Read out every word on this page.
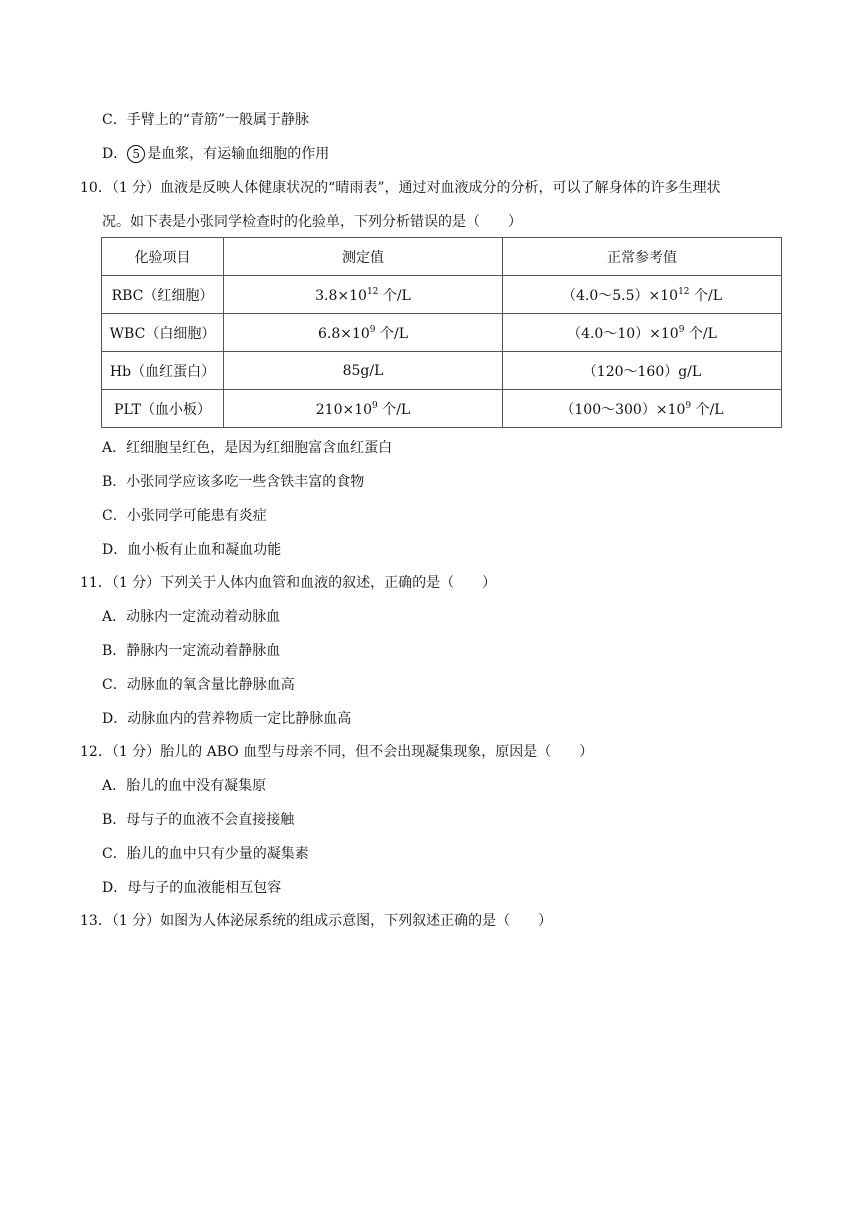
C．手臂上的“青筋”一般属于静脉
D． 5 是血浆，有运输血细胞的作用
10．（1 分）血液是反映人体健康状况的“晴雨表”，通过对血液成分的分析，可以了解身体的许多生理状
况。如下表是小张同学检查时的化验单，下列分析错误的是（　　）
化验项目	测定值	正常参考值
RBC（红细胞）	$3.8\times 10^{12}$ 个/L	$(4.0\sim 5.5)\times 10^{12}$ 个/L
WBC（白细胞）	$6.8\times 10^9$ 个/L	$(4.0\sim 10)\times 10^9$ 个/L
Hb（血红蛋白）	85g/L	（120～160）g/L
PLT（血小板）	$210\times 10^9$ 个/L	$(100\sim 300)\times 10^9$ 个/L
A．红细胞呈红色，是因为红细胞富含血红蛋白
B．小张同学应该多吃一些含铁丰富的食物
C．小张同学可能患有炎症
D．血小板有止血和凝血功能
11．（1 分）下列关于人体内血管和血液的叙述，正确的是（　　）
A．动脉内一定流动着动脉血
B．静脉内一定流动着静脉血
C．动脉血的氧含量比静脉血高
D．动脉血内的营养物质一定比静脉血高
12．（1 分）胎儿的 ABO 血型与母亲不同，但不会出现凝集现象，原因是（　　）
A．胎儿的血中没有凝集原
B．母与子的血液不会直接接触
C．胎儿的血中只有少量的凝集素
D．母与子的血液能相互包容
13．（1 分）如图为人体泌尿系统的组成示意图，下列叙述正确的是（　　）
